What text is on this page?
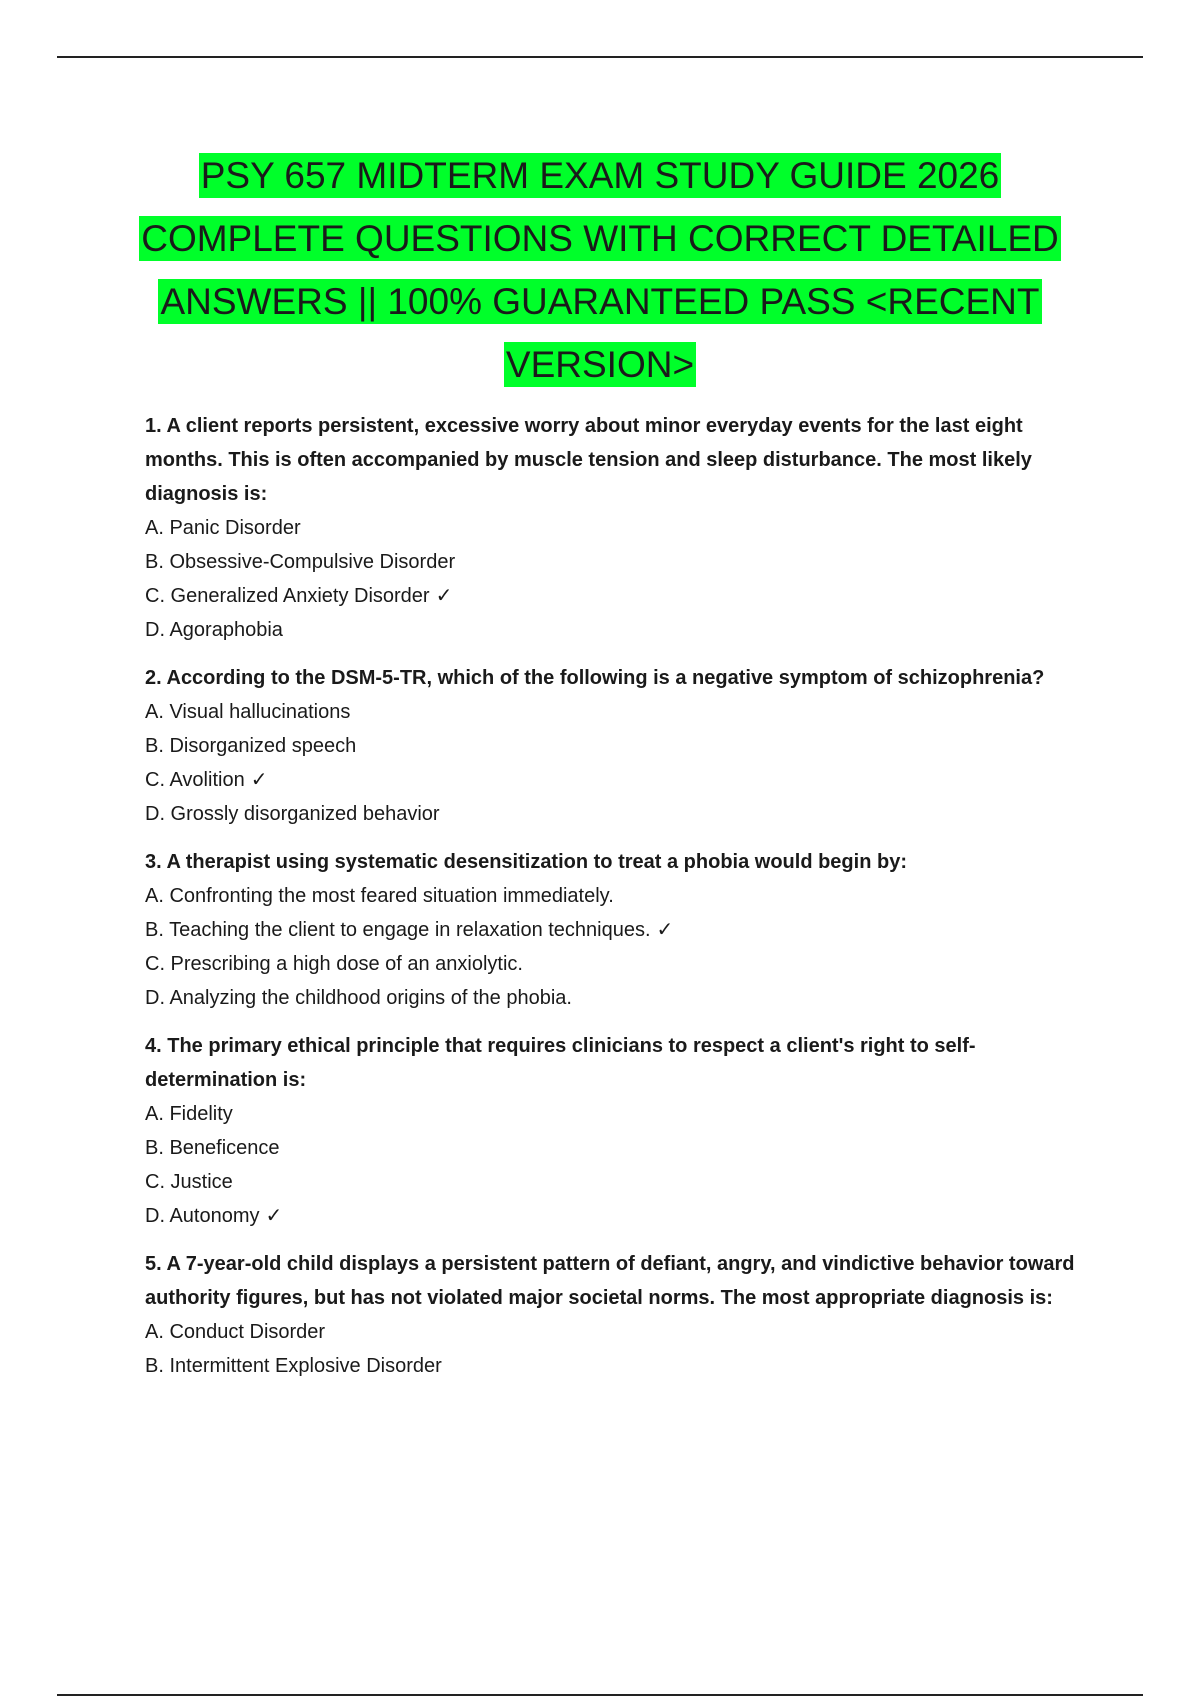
PSY 657 MIDTERM EXAM STUDY GUIDE 2026 COMPLETE QUESTIONS WITH CORRECT DETAILED ANSWERS || 100% GUARANTEED PASS <RECENT VERSION>

1. A client reports persistent, excessive worry about minor everyday events for the last eight months. This is often accompanied by muscle tension and sleep disturbance. The most likely diagnosis is:

A. Panic Disorder
B. Obsessive-Compulsive Disorder
C. Generalized Anxiety Disorder ✓
D. Agoraphobia

2. According to the DSM-5-TR, which of the following is a negative symptom of schizophrenia?

A. Visual hallucinations
B. Disorganized speech
C. Avolition ✓
D. Grossly disorganized behavior

3. A therapist using systematic desensitization to treat a phobia would begin by:

A. Confronting the most feared situation immediately.
B. Teaching the client to engage in relaxation techniques. ✓
C. Prescribing a high dose of an anxiolytic.
D. Analyzing the childhood origins of the phobia.

4. The primary ethical principle that requires clinicians to respect a client's right to self-determination is:

A. Fidelity
B. Beneficence
C. Justice
D. Autonomy ✓

5. A 7-year-old child displays a persistent pattern of defiant, angry, and vindictive behavior toward authority figures, but has not violated major societal norms. The most appropriate diagnosis is:

A. Conduct Disorder
B. Intermittent Explosive Disorder
